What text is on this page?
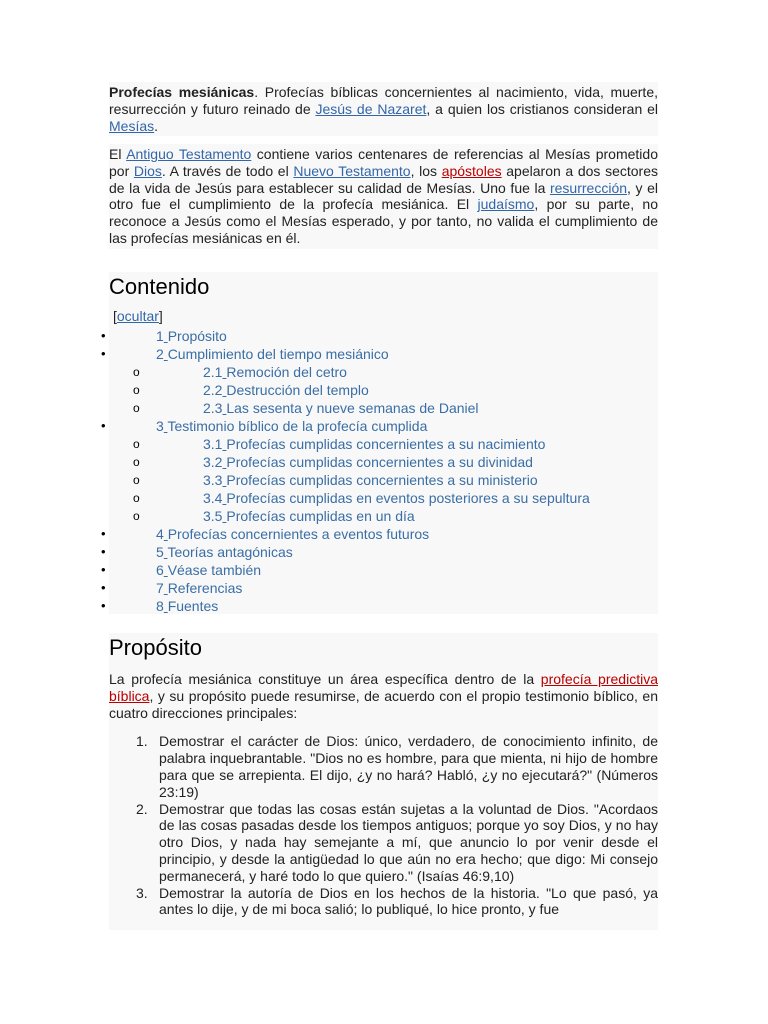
Profecías mesiánicas. Profecías bíblicas concernientes al nacimiento, vida, muerte, resurrección y futuro reinado de Jesús de Nazaret, a quien los cristianos consideran el Mesías.

El Antiguo Testamento contiene varios centenares de referencias al Mesías prometido por Dios. A través de todo el Nuevo Testamento, los apóstoles apelaron a dos sectores de la vida de Jesús para establecer su calidad de Mesías. Uno fue la resurrección, y el otro fue el cumplimiento de la profecía mesiánica. El judaísmo, por su parte, no reconoce a Jesús como el Mesías esperado, y por tanto, no valida el cumplimiento de las profecías mesiánicas en él.

Contenido
[ocultar]
•	1 Propósito
•	2 Cumplimiento del tiempo mesiánico
o	2.1 Remoción del cetro
o	2.2 Destrucción del templo
o	2.3 Las sesenta y nueve semanas de Daniel
•	3 Testimonio bíblico de la profecía cumplida
o	3.1 Profecías cumplidas concernientes a su nacimiento
o	3.2 Profecías cumplidas concernientes a su divinidad
o	3.3 Profecías cumplidas concernientes a su ministerio
o	3.4 Profecías cumplidas en eventos posteriores a su sepultura
o	3.5 Profecías cumplidas en un día
•	4 Profecías concernientes a eventos futuros
•	5 Teorías antagónicas
•	6 Véase también
•	7 Referencias
•	8 Fuentes
Propósito

La profecía mesiánica constituye un área específica dentro de la profecía predictiva bíblica, y su propósito puede resumirse, de acuerdo con el propio testimonio bíblico, en cuatro direcciones principales:

1. Demostrar el carácter de Dios: único, verdadero, de conocimiento infinito, de palabra inquebrantable. "Dios no es hombre, para que mienta, ni hijo de hombre para que se arrepienta. El dijo, ¿y no hará? Habló, ¿y no ejecutará?" (Números 23:19)
2. Demostrar que todas las cosas están sujetas a la voluntad de Dios. "Acordaos de las cosas pasadas desde los tiempos antiguos; porque yo soy Dios, y no hay otro Dios, y nada hay semejante a mí, que anuncio lo por venir desde el principio, y desde la antigüedad lo que aún no era hecho; que digo: Mi consejo permanecerá, y haré todo lo que quiero." (Isaías 46:9,10)
3. Demostrar la autoría de Dios en los hechos de la historia. "Lo que pasó, ya antes lo dije, y de mi boca salió; lo publiqué, lo hice pronto, y fue
